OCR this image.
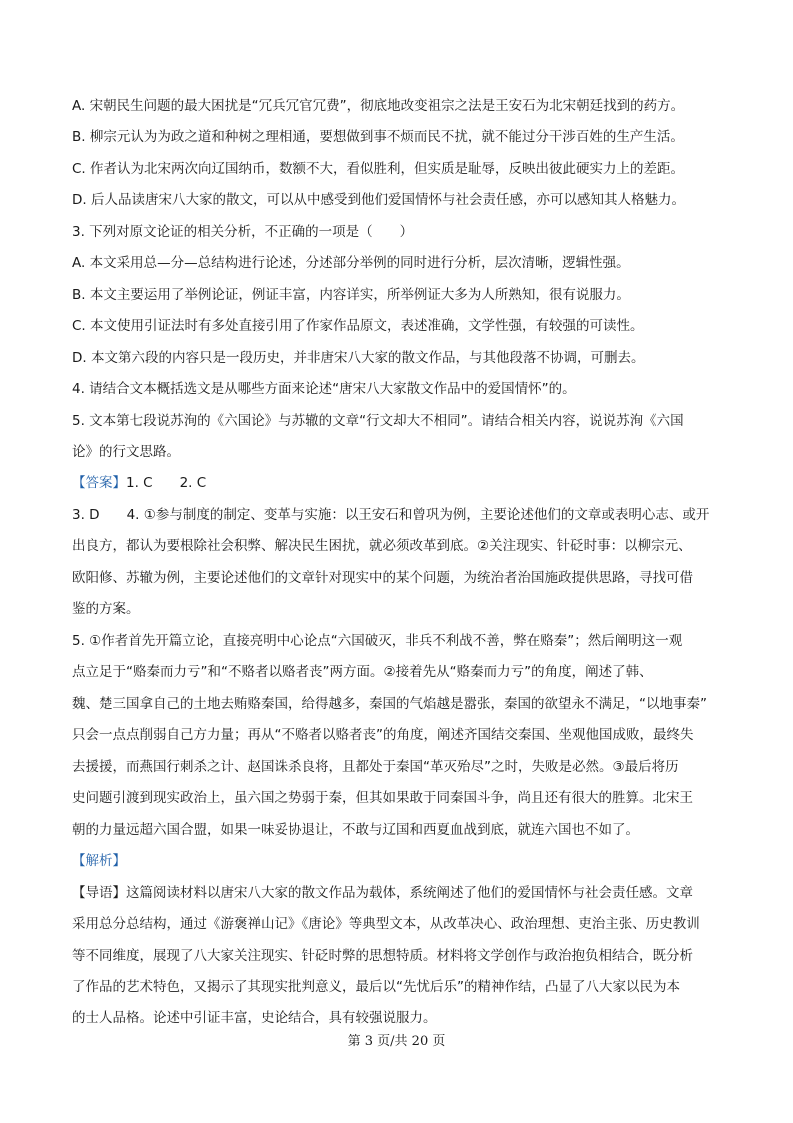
A. 宋朝民生问题的最大困扰是“冗兵冗官冗费”，彻底地改变祖宗之法是王安石为北宋朝廷找到的药方。
B. 柳宗元认为为政之道和种树之理相通，要想做到事不烦而民不扰，就不能过分干涉百姓的生产生活。
C. 作者认为北宋两次向辽国纳币，数额不大，看似胜利，但实质是耻辱，反映出彼此硬实力上的差距。
D. 后人品读唐宋八大家的散文，可以从中感受到他们爱国情怀与社会责任感，亦可以感知其人格魅力。
3. 下列对原文论证的相关分析，不正确的一项是（　　）
A. 本文采用总—分—总结构进行论述，分述部分举例的同时进行分析，层次清晰，逻辑性强。
B. 本文主要运用了举例论证，例证丰富，内容详实，所举例证大多为人所熟知，很有说服力。
C. 本文使用引证法时有多处直接引用了作家作品原文，表述准确，文学性强，有较强的可读性。
D. 本文第六段的内容只是一段历史，并非唐宋八大家的散文作品，与其他段落不协调，可删去。
4. 请结合文本概括选文是从哪些方面来论述“唐宋八大家散文作品中的爱国情怀”的。
5. 文本第七段说苏洵的《六国论》与苏辙的文章“行文却大不相同”。请结合相关内容，说说苏洵《六国
论》的行文思路。
【答案】1. C　　2. C
3. D　　4. ①参与制度的制定、变革与实施：以王安石和曾巩为例，主要论述他们的文章或表明心志、或开
出良方，都认为要根除社会积弊、解决民生困扰，就必须改革到底。②关注现实、针砭时事：以柳宗元、
欧阳修、苏辙为例，主要论述他们的文章针对现实中的某个问题，为统治者治国施政提供思路，寻找可借
鉴的方案。
5. ①作者首先开篇立论，直接亮明中心论点“六国破灭，非兵不利战不善，弊在赂秦”；然后阐明这一观
点立足于“赂秦而力亏”和“不赂者以赂者丧”两方面。②接着先从“赂秦而力亏”的角度，阐述了韩、
魏、楚三国拿自己的土地去贿赂秦国，给得越多，秦国的气焰越是嚣张，秦国的欲望永不满足，“以地事秦”
只会一点点削弱自己方力量；再从“不赂者以赂者丧”的角度，阐述齐国结交秦国、坐观他国成败，最终失
去援援，而燕国行刺杀之计、赵国诛杀良将，且都处于秦国“革灭殆尽”之时，失败是必然。③最后将历
史问题引渡到现实政治上，虽六国之势弱于秦，但其如果敢于同秦国斗争，尚且还有很大的胜算。北宋王
朝的力量远超六国合盟，如果一味妥协退让，不敢与辽国和西夏血战到底，就连六国也不如了。
【解析】
【导语】这篇阅读材料以唐宋八大家的散文作品为载体，系统阐述了他们的爱国情怀与社会责任感。文章
采用总分总结构，通过《游褒禅山记》《唐论》等典型文本，从改革决心、政治理想、吏治主张、历史教训
等不同维度，展现了八大家关注现实、针砭时弊的思想特质。材料将文学创作与政治抱负相结合，既分析
了作品的艺术特色，又揭示了其现实批判意义，最后以“先忧后乐”的精神作结，凸显了八大家以民为本
的士人品格。论述中引证丰富，史论结合，具有较强说服力。
第 3 页/共 20 页
